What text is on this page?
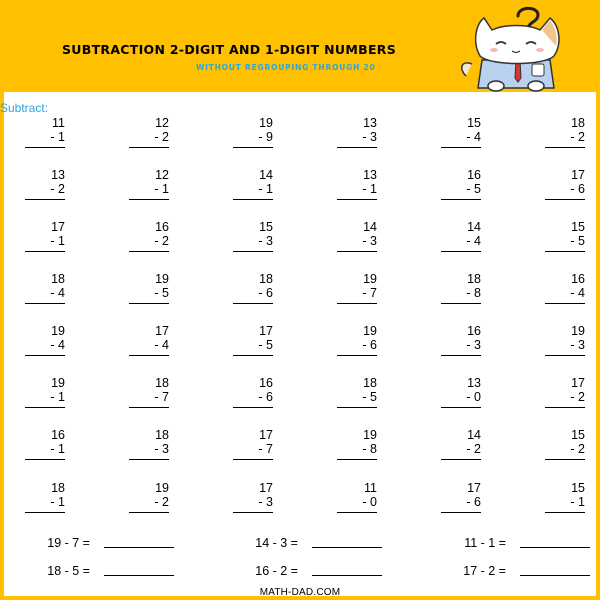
SUBTRACTION 2-DIGIT AND 1-DIGIT NUMBERS
WITHOUT REGROUPING THROUGH 20
Subtract:
11
- 1
12
- 2
19
- 9
13
- 3
15
- 4
18
- 2
13
- 2
12
- 1
14
- 1
13
- 1
16
- 5
17
- 6
17
- 1
16
- 2
15
- 3
14
- 3
14
- 4
15
- 5
18
- 4
19
- 5
18
- 6
19
- 7
18
- 8
16
- 4
19
- 4
17
- 4
17
- 5
19
- 6
16
- 3
19
- 3
19
- 1
18
- 7
16
- 6
18
- 5
13
- 0
17
- 2
16
- 1
18
- 3
17
- 7
19
- 8
14
- 2
15
- 2
18
- 1
19
- 2
17
- 3
11
- 0
17
- 6
15
- 1
19 - 7 =	14 - 3 =	11 - 1 =
18 - 5 =	16 - 2 =	17 - 2 =
MATH-DAD.COM
